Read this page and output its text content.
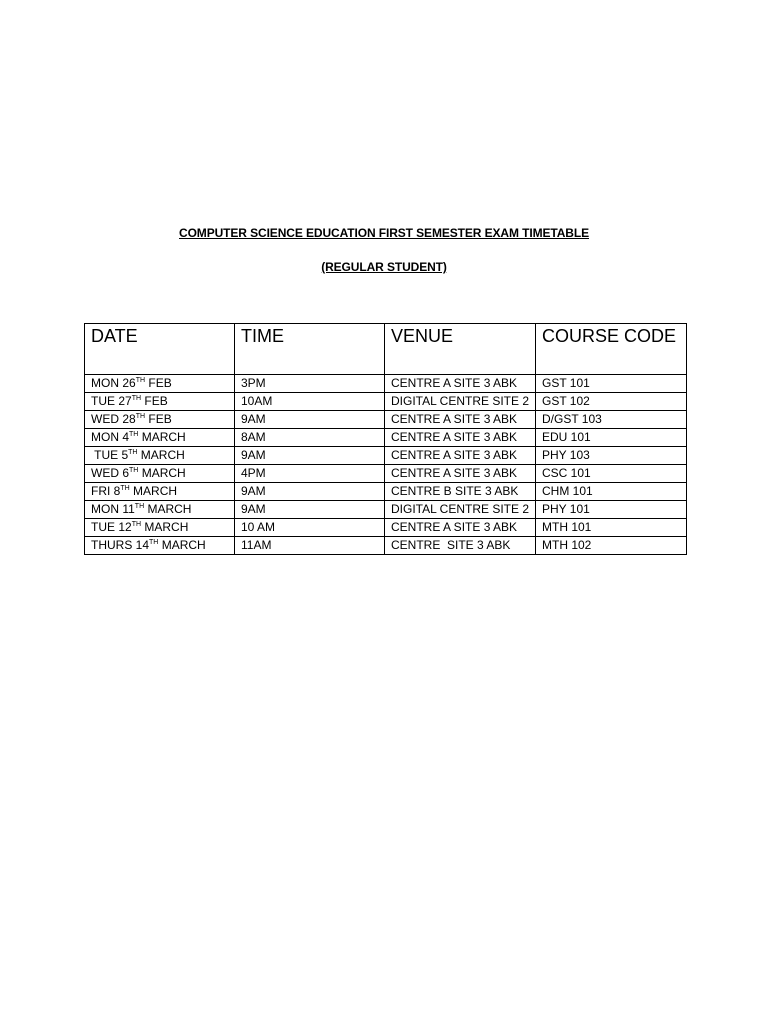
COMPUTER SCIENCE EDUCATION FIRST SEMESTER EXAM TIMETABLE
(REGULAR STUDENT)
DATE	TIME	VENUE	COURSE CODE
MON 26TH FEB	3PM	CENTRE A SITE 3 ABK	GST 101
TUE 27TH FEB	10AM	DIGITAL CENTRE SITE 2	GST 102
WED 28TH FEB	9AM	CENTRE A SITE 3 ABK	D/GST 103
MON 4TH MARCH	8AM	CENTRE A SITE 3 ABK	EDU 101
TUE 5TH MARCH	9AM	CENTRE A SITE 3 ABK	PHY 103
WED 6TH MARCH	4PM	CENTRE A SITE 3 ABK	CSC 101
FRI 8TH MARCH	9AM	CENTRE B SITE 3 ABK	CHM 101
MON 11TH MARCH	9AM	DIGITAL CENTRE SITE 2	PHY 101
TUE 12TH MARCH	10 AM	CENTRE A SITE 3 ABK	MTH 101
THURS 14TH MARCH	11AM	CENTRE  SITE 3 ABK	MTH 102
